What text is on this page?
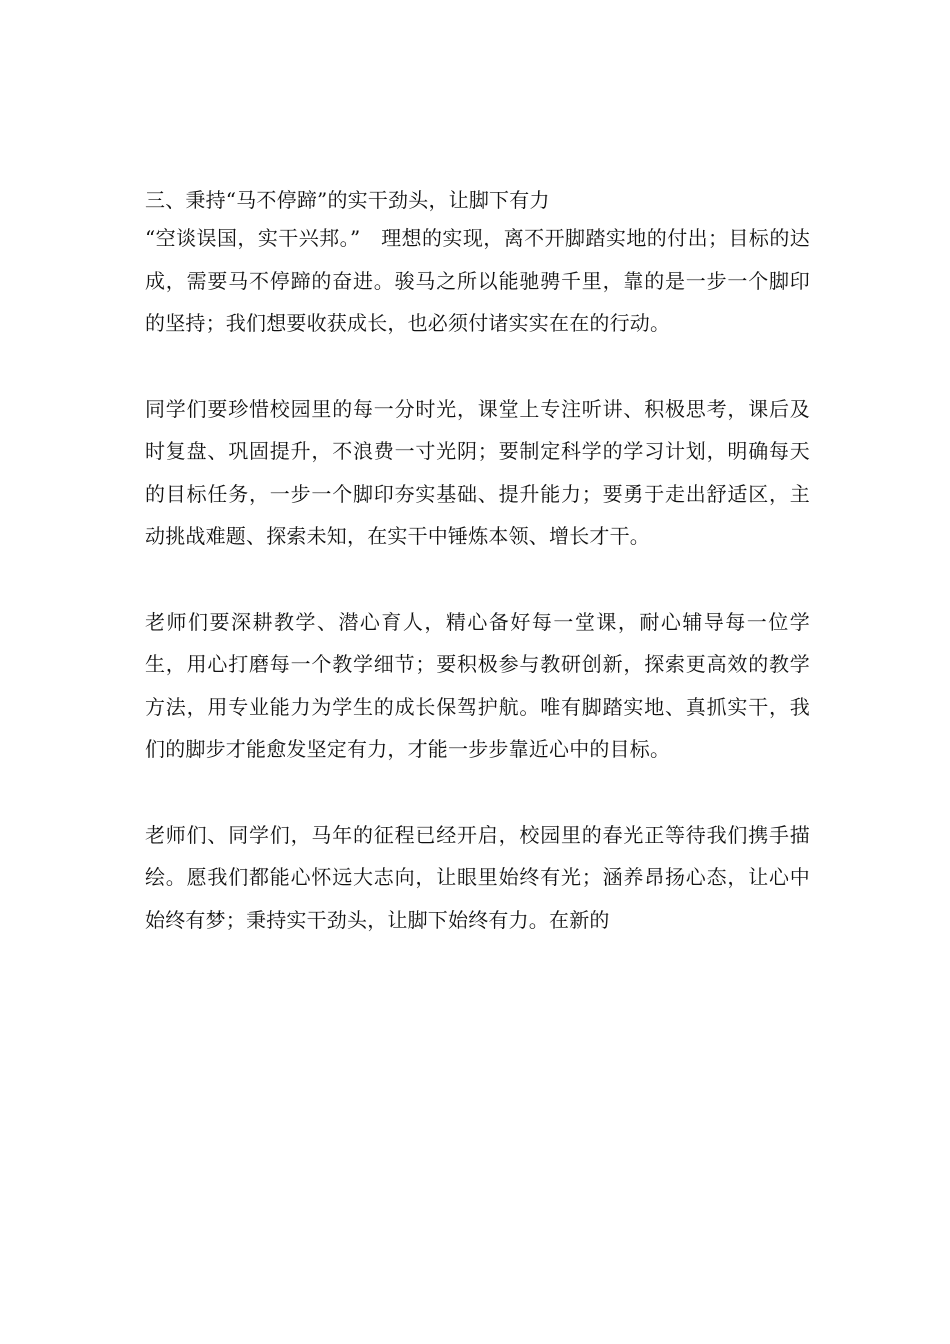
三、秉持“马不停蹄”的实干劲头，让脚下有力

“空谈误国，实干兴邦。”　理想的实现，离不开脚踏实地的付出；目标的达成，需要马不停蹄的奋进。骏马之所以能驰骋千里，靠的是一步一个脚印的坚持；我们想要收获成长，也必须付诸实实在在的行动。

同学们要珍惜校园里的每一分时光，课堂上专注听讲、积极思考，课后及时复盘、巩固提升，不浪费一寸光阴；要制定科学的学习计划，明确每天的目标任务，一步一个脚印夯实基础、提升能力；要勇于走出舒适区，主动挑战难题、探索未知，在实干中锤炼本领、增长才干。

老师们要深耕教学、潜心育人，精心备好每一堂课，耐心辅导每一位学生，用心打磨每一个教学细节；要积极参与教研创新，探索更高效的教学方法，用专业能力为学生的成长保驾护航。唯有脚踏实地、真抓实干，我们的脚步才能愈发坚定有力，才能一步步靠近心中的目标。

老师们、同学们，马年的征程已经开启，校园里的春光正等待我们携手描绘。愿我们都能心怀远大志向，让眼里始终有光；涵养昂扬心态，让心中始终有梦；秉持实干劲头，让脚下始终有力。在新的
